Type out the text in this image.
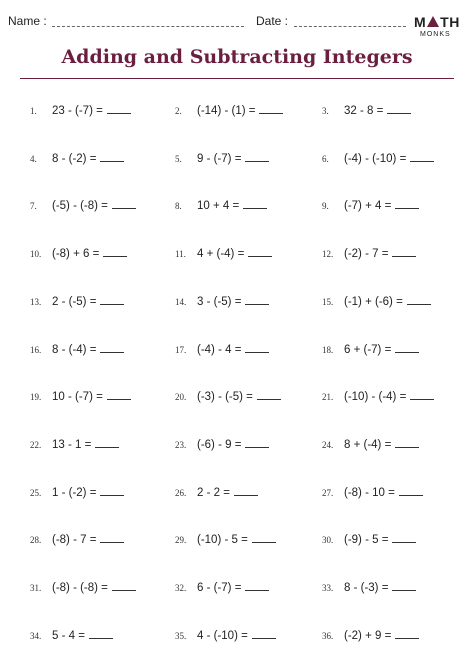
Name :	Date :	M TH
MONKS
Adding and Subtracting Integers
1.	23 - (-7) =	2.	(-14) - (1) =	3.	32 - 8 =
4.	8 - (-2) =	5.	9 - (-7) =	6.	(-4) - (-10) =
7.	(-5) - (-8) =	8.	10 + 4 =	9.	(-7) + 4 =
10. (-8) + 6 =	11. 4 + (-4) =	12. (-2) - 7 =
13. 2 - (-5) =	14. 3 - (-5) =	15. (-1) + (-6) =
16. 8 - (-4) =	17. (-4) - 4 =	18. 6 + (-7) =
19. 10 - (-7) =	20. (-3) - (-5) =	21. (-10) - (-4) =
22. 13 - 1 =	23. (-6) - 9 =	24. 8 + (-4) =
25. 1 - (-2) =	26. 2 - 2 =	27. (-8) - 10 =
28. (-8) - 7 =	29. (-10) - 5 =	30. (-9) - 5 =
31. (-8) - (-8) =	32. 6 - (-7) =	33. 8 - (-3) =
34. 5 - 4 =	35. 4 - (-10) =	36. (-2) + 9 =
